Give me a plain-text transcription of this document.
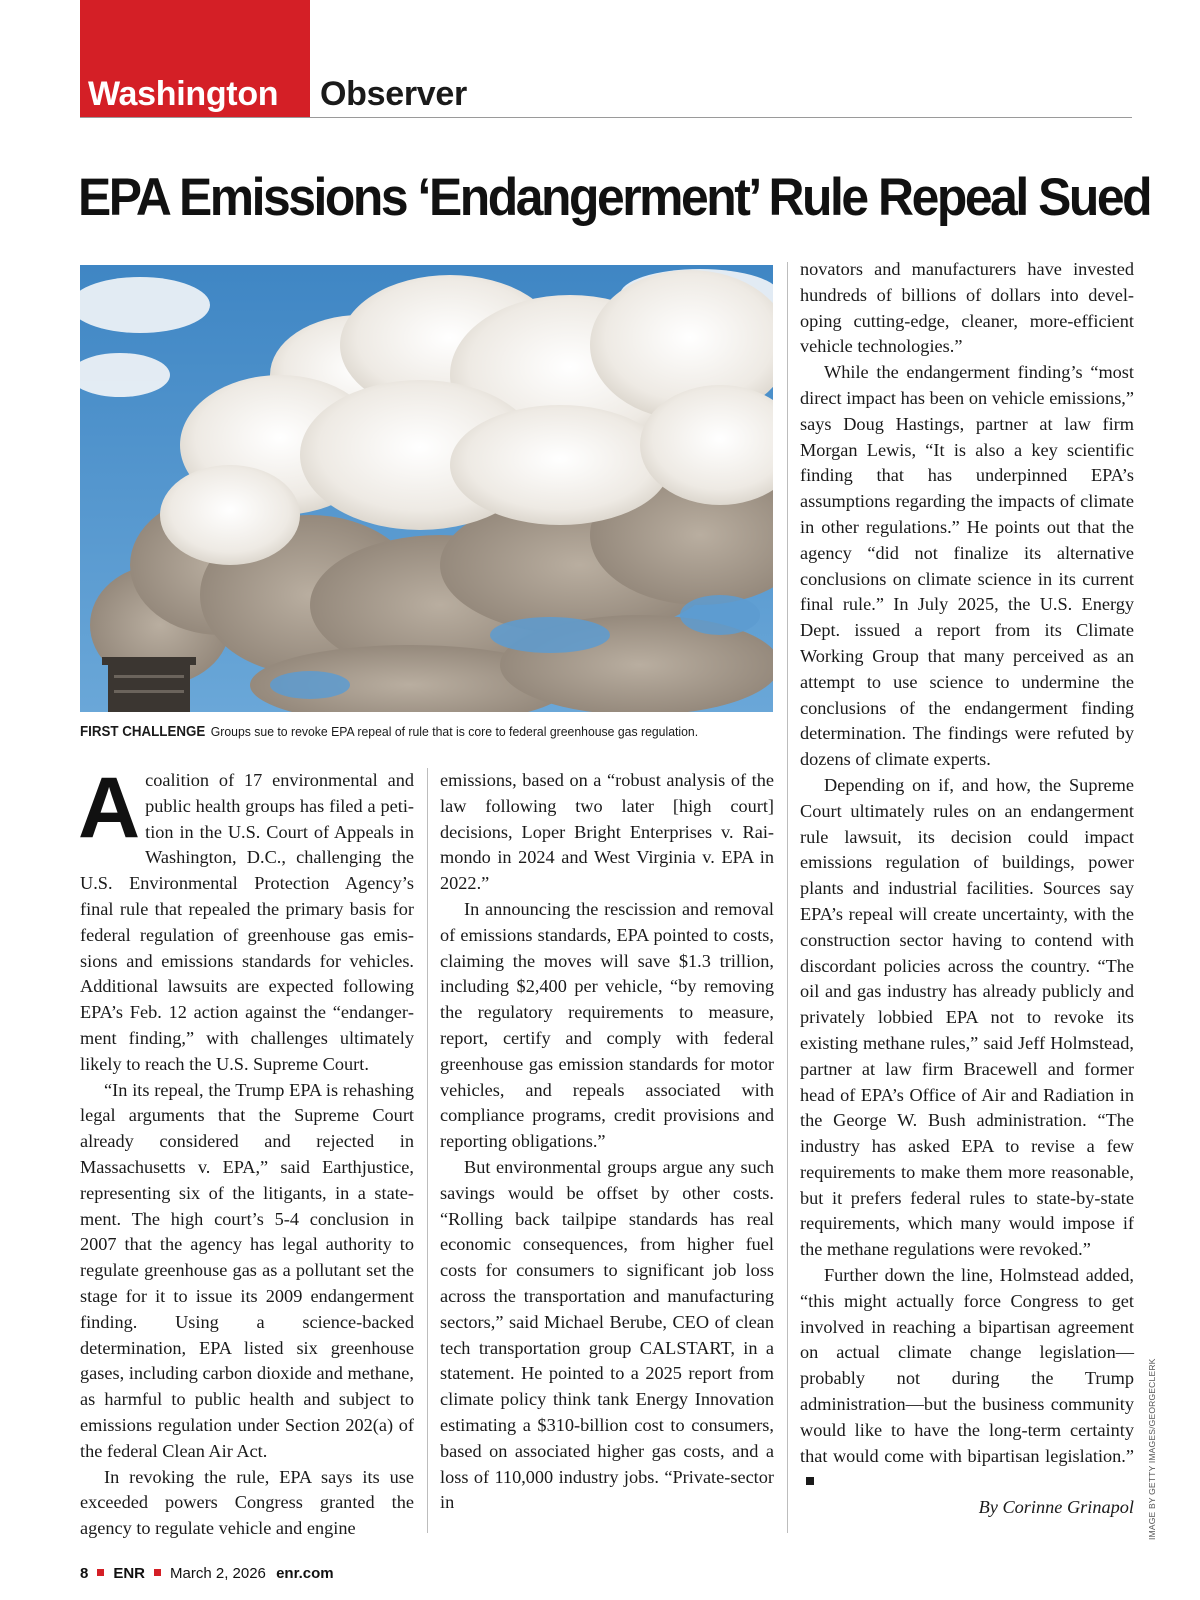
Washington Observer
EPA Emissions ‘Endangerment’ Rule Repeal Sued
FIRST CHALLENGE Groups sue to revoke EPA repeal of rule that is core to federal greenhouse gas regulation.

Acoalition of 17 environmental and public health groups has filed a petition in the U.S. Court of Appeals in Washington, D.C., challenging the U.S. Environmental Protection Agency’s final rule that repealed the primary basis for federal regulation of greenhouse gas emissions and emissions standards for vehicles. Additional lawsuits are expected following EPA’s Feb. 12 action against the “endangerment finding,” with challenges ultimately likely to reach the U.S. Supreme Court.

“In its repeal, the Trump EPA is rehashing legal arguments that the Supreme Court already considered and rejected in Massachusetts v. EPA,” said Earthjustice, representing six of the litigants, in a statement. The high court’s 5-4 conclusion in 2007 that the agency has legal authority to regulate greenhouse gas as a pollutant set the stage for it to issue its 2009 endangerment finding. Using a science-backed determination, EPA listed six greenhouse gases, including carbon dioxide and methane, as harmful to public health and subject to emissions regulation under Section 202(a) of the federal Clean Air Act.

In revoking the rule, EPA says its use exceeded powers Congress granted the agency to regulate vehicle and engine

emissions, based on a “robust analysis of the law following two later [high court] decisions, Loper Bright Enterprises v. Raimondo in 2024 and West Virginia v. EPA in 2022.”

In announcing the rescission and removal of emissions standards, EPA pointed to costs, claiming the moves will save $1.3 trillion, including $2,400 per vehicle, “by removing the regulatory requirements to measure, report, certify and comply with federal greenhouse gas emission standards for motor vehicles, and repeals associated with compliance programs, credit provisions and reporting obligations.”

But environmental groups argue any such savings would be offset by other costs. “Rolling back tailpipe standards has real economic consequences, from higher fuel costs for consumers to significant job loss across the transportation and manufacturing sectors,” said Michael Berube, CEO of clean tech transportation group CALSTART, in a statement. He pointed to a 2025 report from climate policy think tank Energy Innovation estimating a $310-billion cost to consumers, based on associated higher gas costs, and a loss of 110,000 industry jobs. “Private-sector in

novators and manufacturers have invested hundreds of billions of dollars into developing cutting-edge, cleaner, more-efficient vehicle technologies.”

While the endangerment finding’s “most direct impact has been on vehicle emissions,” says Doug Hastings, partner at law firm Morgan Lewis, “It is also a key scientific finding that has underpinned EPA’s assumptions regarding the impacts of climate in other regulations.” He points out that the agency “did not finalize its alternative conclusions on climate science in its current final rule.” In July 2025, the U.S. Energy Dept. issued a report from its Climate Working Group that many perceived as an attempt to use science to undermine the conclusions of the endangerment finding determination. The findings were refuted by dozens of climate experts.

Depending on if, and how, the Supreme Court ultimately rules on an endangerment rule lawsuit, its decision could impact emissions regulation of buildings, power plants and industrial facilities. Sources say EPA’s repeal will create uncertainty, with the construction sector having to contend with discordant policies across the country. “The oil and gas industry has already publicly and privately lobbied EPA not to revoke its existing methane rules,” said Jeff Holmstead, partner at law firm Bracewell and former head of EPA’s Office of Air and Radiation in the George W. Bush administration. “The industry has asked EPA to revise a few requirements to make them more reasonable, but it prefers federal rules to state-by-state requirements, which many would impose if the methane regulations were revoked.”

Further down the line, Holmstead added, “this might actually force Congress to get involved in reaching a bipartisan agreement on actual climate change legislation—probably not during the Trump administration—but the business community would like to have the long-term certainty that would come with bipartisan legislation.”

By Corinne Grinapol IMAGE BY GETTY IMAGES/GEORGECLERK
8 ENR March 2, 2026 enr.com
